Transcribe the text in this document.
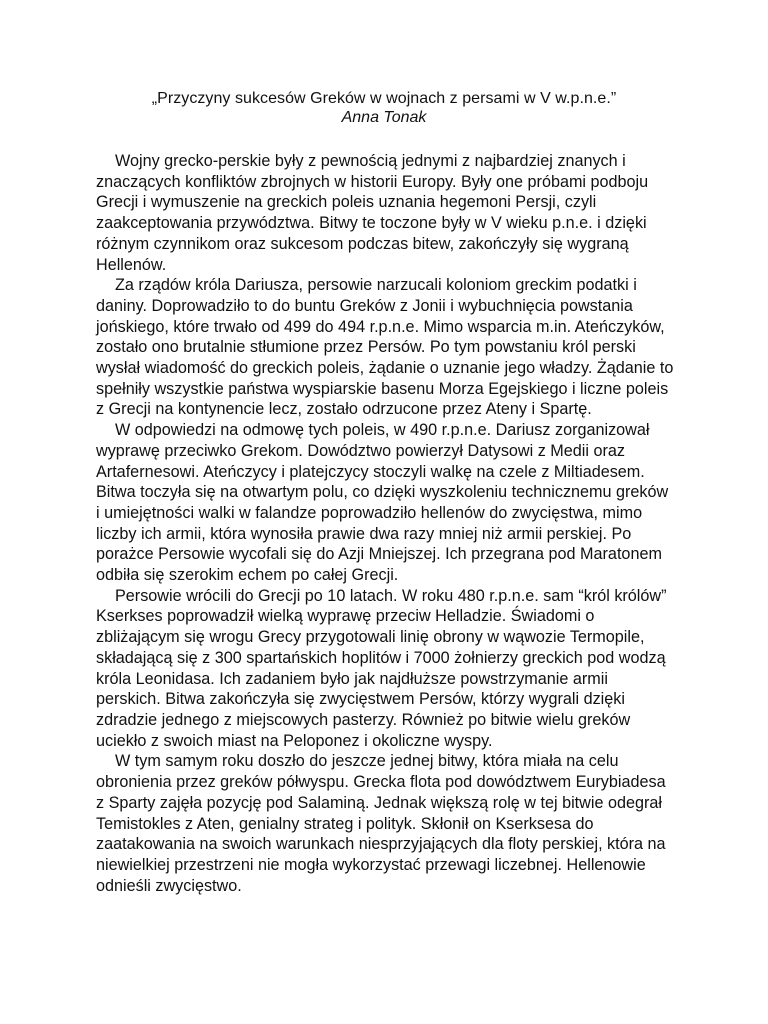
„Przyczyny sukcesów Greków w wojnach z persami w V w.p.n.e.”

Anna Tonak

Wojny grecko-perskie były z pewnością jednymi z najbardziej znanych i znaczących konfliktów zbrojnych w historii Europy. Były one próbami podboju Grecji i wymuszenie na greckich poleis uznania hegemoni Persji, czyli zaakceptowania przywództwa. Bitwy te toczone były w V wieku p.n.e. i dzięki różnym czynnikom oraz sukcesom podczas bitew, zakończyły się wygraną Hellenów.

Za rządów króla Dariusza, persowie narzucali koloniom greckim podatki i daniny. Doprowadziło to do buntu Greków z Jonii i wybuchnięcia powstania jońskiego, które trwało od 499 do 494 r.p.n.e. Mimo wsparcia m.in. Ateńczyków, zostało ono brutalnie stłumione przez Persów. Po tym powstaniu król perski wysłał wiadomość do greckich poleis, żądanie o uznanie jego władzy. Żądanie to spełniły wszystkie państwa wyspiarskie basenu Morza Egejskiego i liczne poleis z Grecji na kontynencie lecz, zostało odrzucone przez Ateny i Spartę.

W odpowiedzi na odmowę tych poleis, w 490 r.p.n.e. Dariusz zorganizował wyprawę przeciwko Grekom. Dowództwo powierzył Datysowi z Medii oraz Artafernesowi. Ateńczycy i platejczycy stoczyli walkę na czele z Miltiadesem. Bitwa toczyła się na otwartym polu, co dzięki wyszkoleniu technicznemu greków i umiejętności walki w falandze poprowadziło hellenów do zwycięstwa, mimo liczby ich armii, która wynosiła prawie dwa razy mniej niż armii perskiej. Po porażce Persowie wycofali się do Azji Mniejszej. Ich przegrana pod Maratonem odbiła się szerokim echem po całej Grecji.

Persowie wrócili do Grecji po 10 latach. W roku 480 r.p.n.e. sam “król królów” Kserkses poprowadził wielką wyprawę przeciw Helladzie. Świadomi o zbliżającym się wrogu Grecy przygotowali linię obrony w wąwozie Termopile, składającą się z 300 spartańskich hoplitów i 7000 żołnierzy greckich pod wodzą króla Leonidasa. Ich zadaniem było jak najdłuższe powstrzymanie armii perskich. Bitwa zakończyła się zwycięstwem Persów, którzy wygrali dzięki zdradzie jednego z miejscowych pasterzy. Również po bitwie wielu greków uciekło z swoich miast na Peloponez i okoliczne wyspy.

W tym samym roku doszło do jeszcze jednej bitwy, która miała na celu obronienia przez greków półwyspu. Grecka flota pod dowództwem Eurybiadesa z Sparty zajęła pozycję pod Salaminą. Jednak większą rolę w tej bitwie odegrał Temistokles z Aten, genialny strateg i polityk. Skłonił on Kserksesa do zaatakowania na swoich warunkach niesprzyjających dla floty perskiej, która na niewielkiej przestrzeni nie mogła wykorzystać przewagi liczebnej. Hellenowie odnieśli zwycięstwo.
